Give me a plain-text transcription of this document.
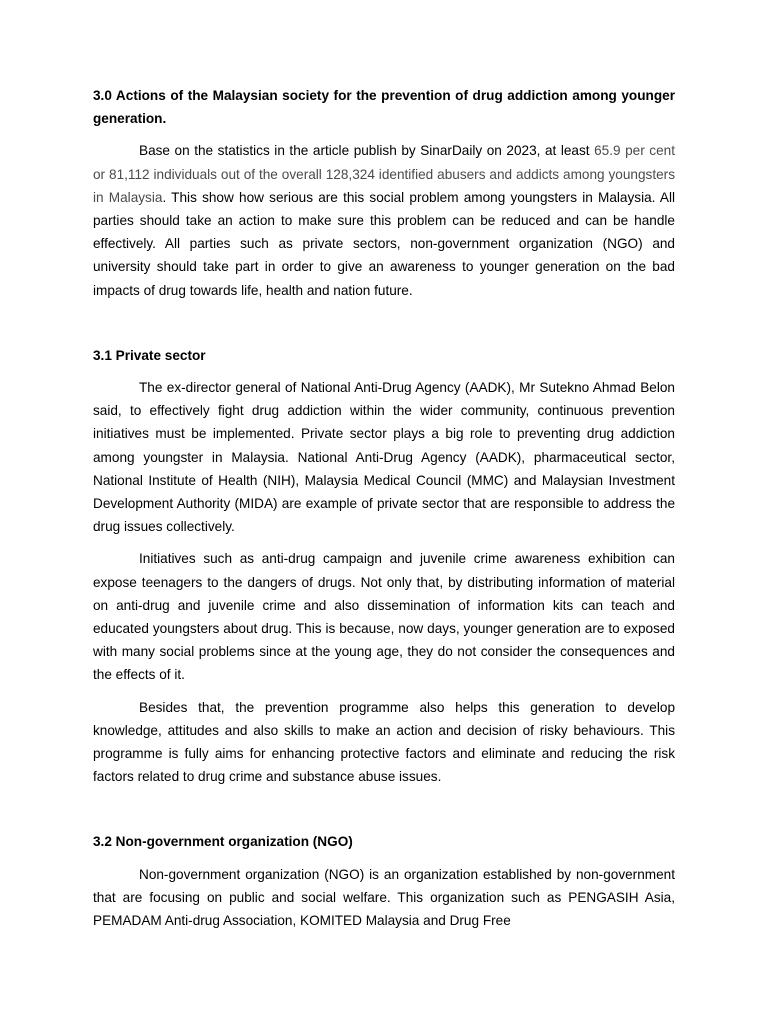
3.0 Actions of the Malaysian society for the prevention of drug addiction among younger generation.

Base on the statistics in the article publish by SinarDaily on 2023, at least 65.9 per cent or 81,112 individuals out of the overall 128,324 identified abusers and addicts among youngsters in Malaysia. This show how serious are this social problem among youngsters in Malaysia. All parties should take an action to make sure this problem can be reduced and can be handle effectively. All parties such as private sectors, non-government organization (NGO) and university should take part in order to give an awareness to younger generation on the bad impacts of drug towards life, health and nation future.

3.1 Private sector

The ex-director general of National Anti-Drug Agency (AADK), Mr Sutekno Ahmad Belon said, to effectively fight drug addiction within the wider community, continuous prevention initiatives must be implemented. Private sector plays a big role to preventing drug addiction among youngster in Malaysia. National Anti-Drug Agency (AADK), pharmaceutical sector, National Institute of Health (NIH), Malaysia Medical Council (MMC) and Malaysian Investment Development Authority (MIDA) are example of private sector that are responsible to address the drug issues collectively.

Initiatives such as anti-drug campaign and juvenile crime awareness exhibition can expose teenagers to the dangers of drugs. Not only that, by distributing information of material on anti-drug and juvenile crime and also dissemination of information kits can teach and educated youngsters about drug. This is because, now days, younger generation are to exposed with many social problems since at the young age, they do not consider the consequences and the effects of it.

Besides that, the prevention programme also helps this generation to develop knowledge, attitudes and also skills to make an action and decision of risky behaviours. This programme is fully aims for enhancing protective factors and eliminate and reducing the risk factors related to drug crime and substance abuse issues.

3.2 Non-government organization (NGO)

Non-government organization (NGO) is an organization established by non-government that are focusing on public and social welfare. This organization such as PENGASIH Asia, PEMADAM Anti-drug Association, KOMITED Malaysia and Drug Free
